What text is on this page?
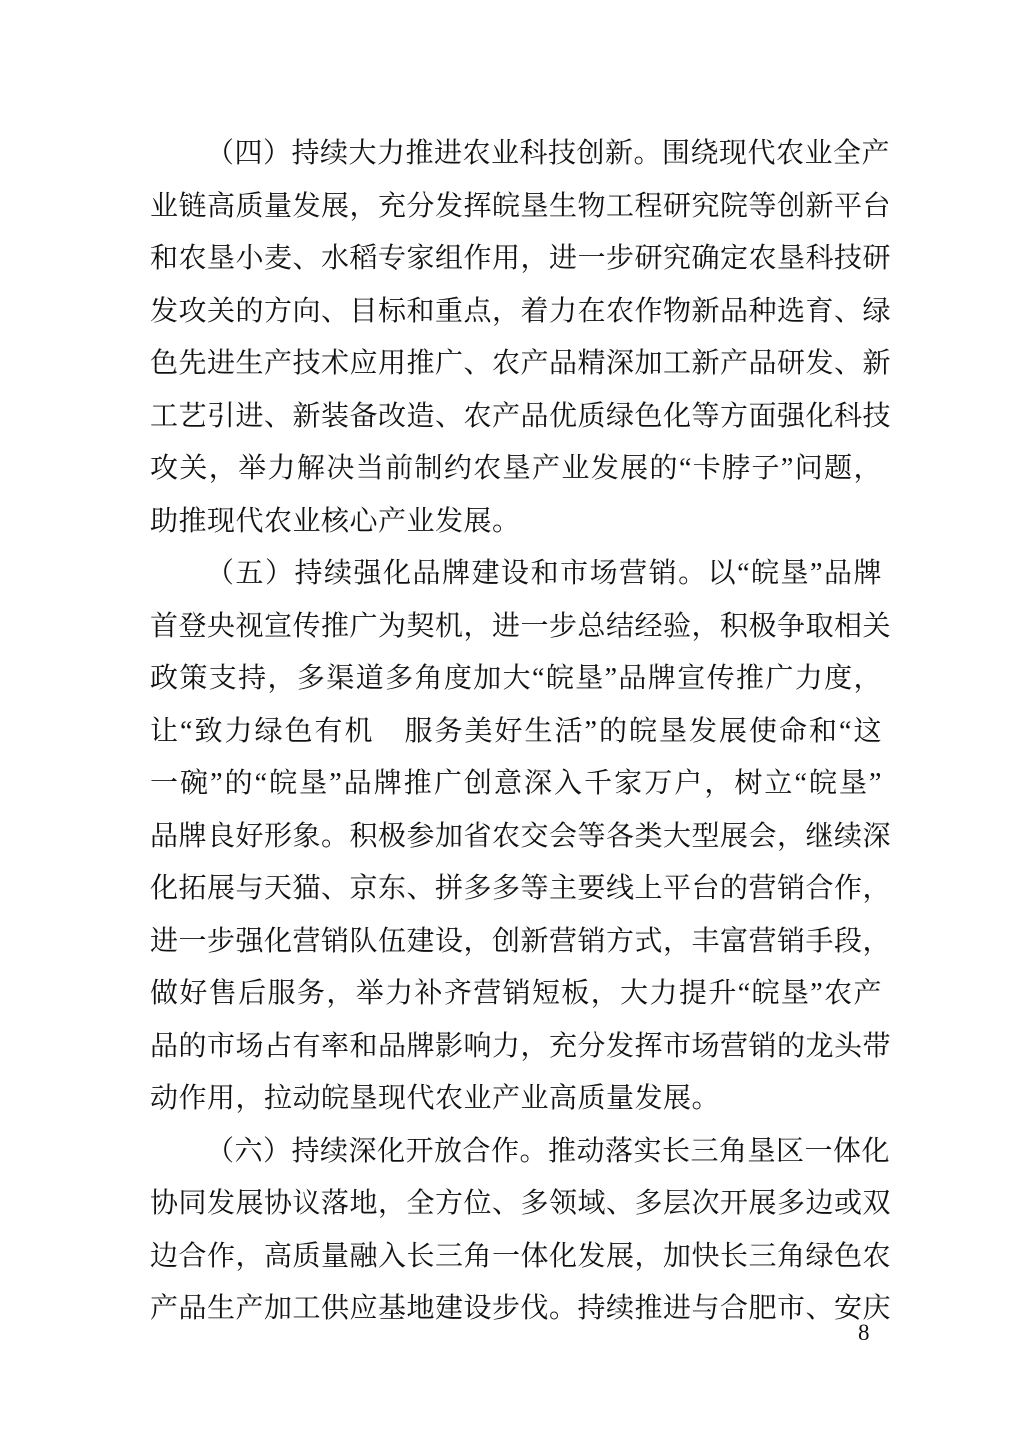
（四）持续大力推进农业科技创新。围绕现代农业全产
业链高质量发展，充分发挥皖垦生物工程研究院等创新平台
和农垦小麦、水稻专家组作用，进一步研究确定农垦科技研
发攻关的方向、目标和重点，着力在农作物新品种选育、绿
色先进生产技术应用推广、农产品精深加工新产品研发、新
工艺引进、新装备改造、农产品优质绿色化等方面强化科技
攻关，举力解决当前制约农垦产业发展的“卡脖子”问题，
助推现代农业核心产业发展。
（五）持续强化品牌建设和市场营销。以“皖垦”品牌
首登央视宣传推广为契机，进一步总结经验，积极争取相关
政策支持，多渠道多角度加大“皖垦”品牌宣传推广力度，
让“致力绿色有机　服务美好生活”的皖垦发展使命和“这
一碗”的“皖垦”品牌推广创意深入千家万户，树立“皖垦”
品牌良好形象。积极参加省农交会等各类大型展会，继续深
化拓展与天猫、京东、拼多多等主要线上平台的营销合作，
进一步强化营销队伍建设，创新营销方式，丰富营销手段，
做好售后服务，举力补齐营销短板，大力提升“皖垦”农产
品的市场占有率和品牌影响力，充分发挥市场营销的龙头带
动作用，拉动皖垦现代农业产业高质量发展。
（六）持续深化开放合作。推动落实长三角垦区一体化
协同发展协议落地，全方位、多领域、多层次开展多边或双
边合作，高质量融入长三角一体化发展，加快长三角绿色农
产品生产加工供应基地建设步伐。持续推进与合肥市、安庆
8
